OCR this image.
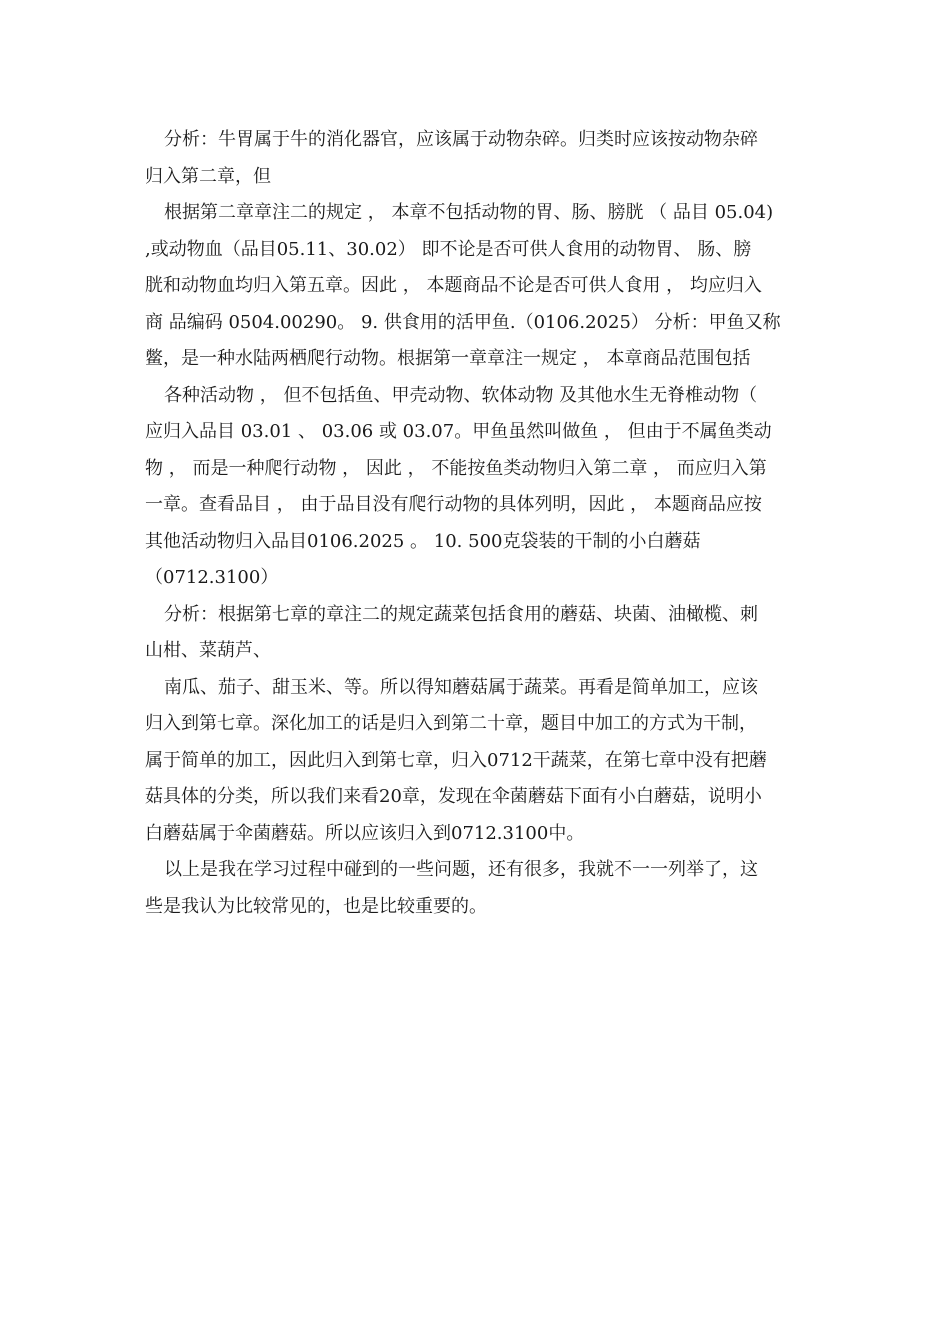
分析：牛胃属于牛的消化器官，应该属于动物杂碎。归类时应该按动物杂碎
归入第二章，但
根据第二章章注二的规定 ， 本章不包括动物的胃、肠、膀胱 （ 品目 05.04)
,或动物血（品目05.11、30.02） 即不论是否可供人食用的动物胃、 肠、膀
胱和动物血均归入第五章。因此 ， 本题商品不论是否可供人食用 ， 均应归入
商 品编码 0504.00290。 9. 供食用的活甲鱼.（0106.2025） 分析：甲鱼又称
鳖，是一种水陆两栖爬行动物。根据第一章章注一规定 ， 本章商品范围包括
各种活动物 ， 但不包括鱼、甲壳动物、软体动物 及其他水生无脊椎动物（
应归入品目 03.01 、 03.06 或 03.07。甲鱼虽然叫做鱼 ， 但由于不属鱼类动
物 ， 而是一种爬行动物 ， 因此 ， 不能按鱼类动物归入第二章 ， 而应归入第
一章。查看品目 ， 由于品目没有爬行动物的具体列明，因此 ， 本题商品应按
其他活动物归入品目0106.2025 。 10. 500克袋装的干制的小白蘑菇
（0712.3100）
分析：根据第七章的章注二的规定蔬菜包括食用的蘑菇、块菌、油橄榄、刺
山柑、菜葫芦、
南瓜、茄子、甜玉米、等。所以得知蘑菇属于蔬菜。再看是简单加工，应该
归入到第七章。深化加工的话是归入到第二十章，题目中加工的方式为干制，
属于简单的加工，因此归入到第七章，归入0712干蔬菜，在第七章中没有把蘑
菇具体的分类，所以我们来看20章，发现在伞菌蘑菇下面有小白蘑菇，说明小
白蘑菇属于伞菌蘑菇。所以应该归入到0712.3100中。
以上是我在学习过程中碰到的一些问题，还有很多，我就不一一列举了，这
些是我认为比较常见的，也是比较重要的。
